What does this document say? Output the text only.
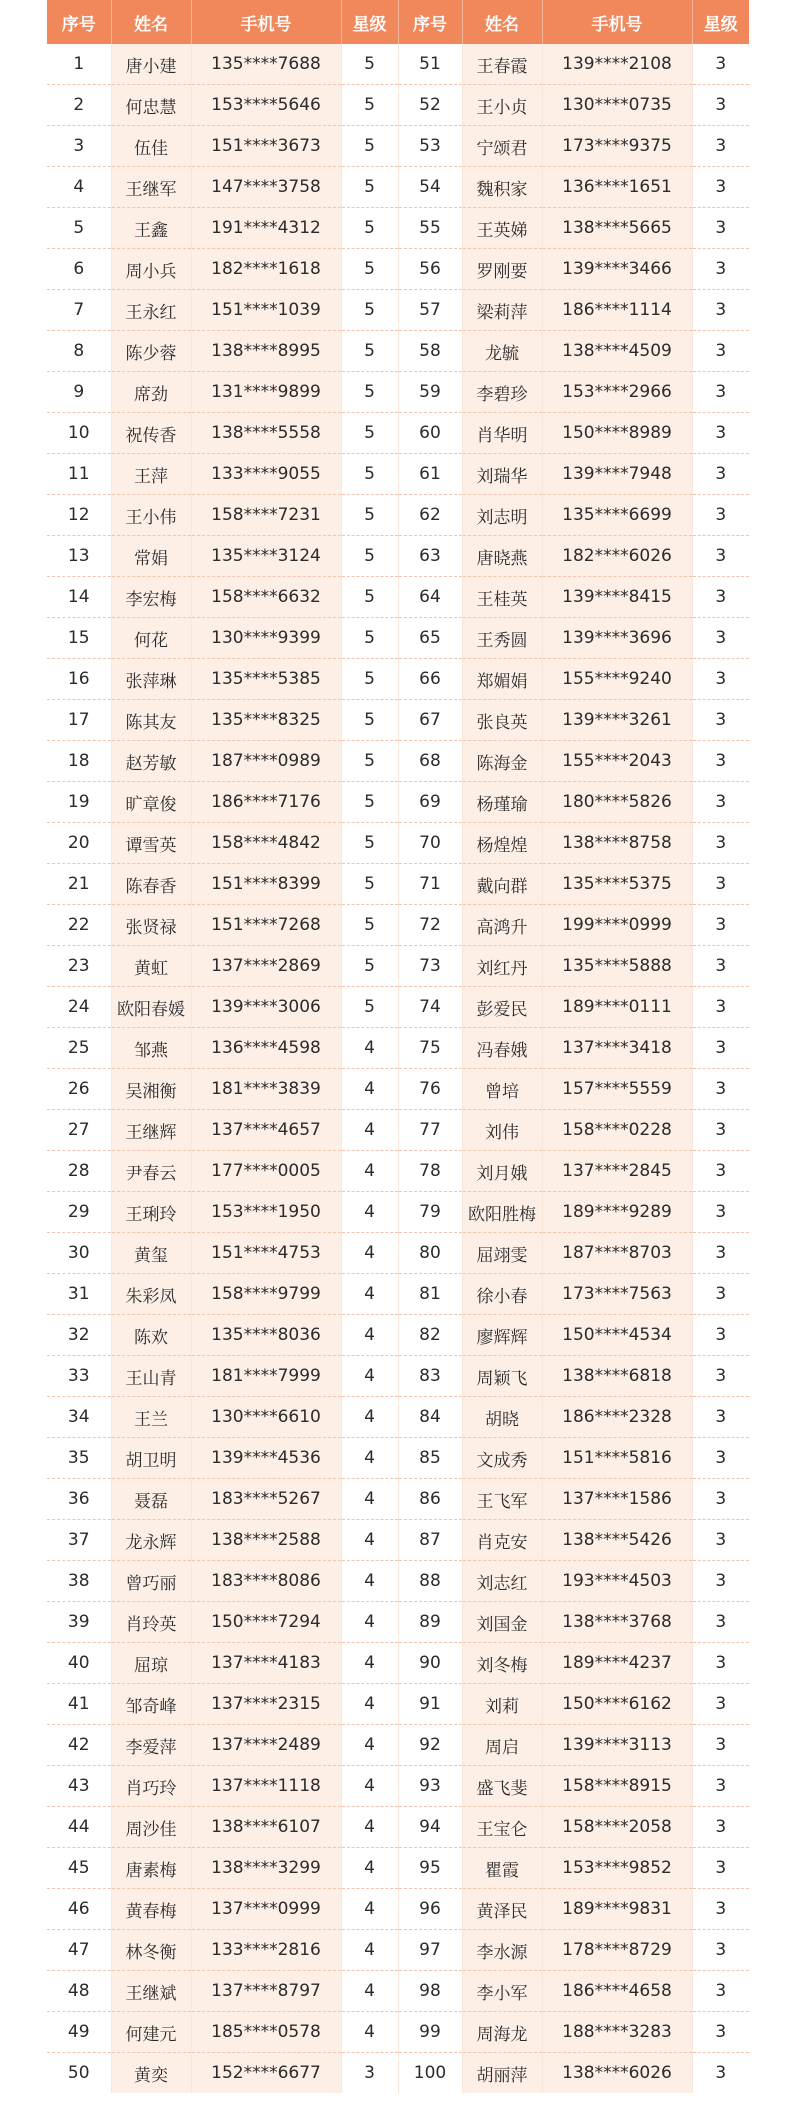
序号	姓名	手机号	星级	序号	姓名	手机号	星级
1	唐小建	135****7688	5	51	王春霞	139****2108	3
2	何忠慧	153****5646	5	52	王小贞	130****0735	3
3	伍佳	151****3673	5	53	宁颂君	173****9375	3
4	王继军	147****3758	5	54	魏积家	136****1651	3
5	王鑫	191****4312	5	55	王英娣	138****5665	3
6	周小兵	182****1618	5	56	罗刚要	139****3466	3
7	王永红	151****1039	5	57	梁莉萍	186****1114	3
8	陈少蓉	138****8995	5	58	龙毓	138****4509	3
9	席劲	131****9899	5	59	李碧珍	153****2966	3
10	祝传香	138****5558	5	60	肖华明	150****8989	3
11	王萍	133****9055	5	61	刘瑞华	139****7948	3
12	王小伟	158****7231	5	62	刘志明	135****6699	3
13	常娟	135****3124	5	63	唐晓燕	182****6026	3
14	李宏梅	158****6632	5	64	王桂英	139****8415	3
15	何花	130****9399	5	65	王秀圆	139****3696	3
16	张萍琳	135****5385	5	66	郑媚娟	155****9240	3
17	陈其友	135****8325	5	67	张良英	139****3261	3
18	赵芳敏	187****0989	5	68	陈海金	155****2043	3
19	旷章俊	186****7176	5	69	杨瑾瑜	180****5826	3
20	谭雪英	158****4842	5	70	杨煌煌	138****8758	3
21	陈春香	151****8399	5	71	戴向群	135****5375	3
22	张贤禄	151****7268	5	72	高鸿升	199****0999	3
23	黄虹	137****2869	5	73	刘红丹	135****5888	3
24	欧阳春媛	139****3006	5	74	彭爱民	189****0111	3
25	邹燕	136****4598	4	75	冯春娥	137****3418	3
26	吴湘衡	181****3839	4	76	曾培	157****5559	3
27	王继辉	137****4657	4	77	刘伟	158****0228	3
28	尹春云	177****0005	4	78	刘月娥	137****2845	3
29	王琍玲	153****1950	4	79	欧阳胜梅	189****9289	3
30	黄玺	151****4753	4	80	屈翊雯	187****8703	3
31	朱彩凤	158****9799	4	81	徐小春	173****7563	3
32	陈欢	135****8036	4	82	廖辉辉	150****4534	3
33	王山青	181****7999	4	83	周颖飞	138****6818	3
34	王兰	130****6610	4	84	胡晓	186****2328	3
35	胡卫明	139****4536	4	85	文成秀	151****5816	3
36	聂磊	183****5267	4	86	王飞军	137****1586	3
37	龙永辉	138****2588	4	87	肖克安	138****5426	3
38	曾巧丽	183****8086	4	88	刘志红	193****4503	3
39	肖玲英	150****7294	4	89	刘国金	138****3768	3
40	屈琼	137****4183	4	90	刘冬梅	189****4237	3
41	邹奇峰	137****2315	4	91	刘莉	150****6162	3
42	李爱萍	137****2489	4	92	周启	139****3113	3
43	肖巧玲	137****1118	4	93	盛飞斐	158****8915	3
44	周沙佳	138****6107	4	94	王宝仑	158****2058	3
45	唐素梅	138****3299	4	95	瞿霞	153****9852	3
46	黄春梅	137****0999	4	96	黄泽民	189****9831	3
47	林冬衡	133****2816	4	97	李水源	178****8729	3
48	王继斌	137****8797	4	98	李小军	186****4658	3
49	何建元	185****0578	4	99	周海龙	188****3283	3
50	黄奕	152****6677	3	100	胡丽萍	138****6026	3
